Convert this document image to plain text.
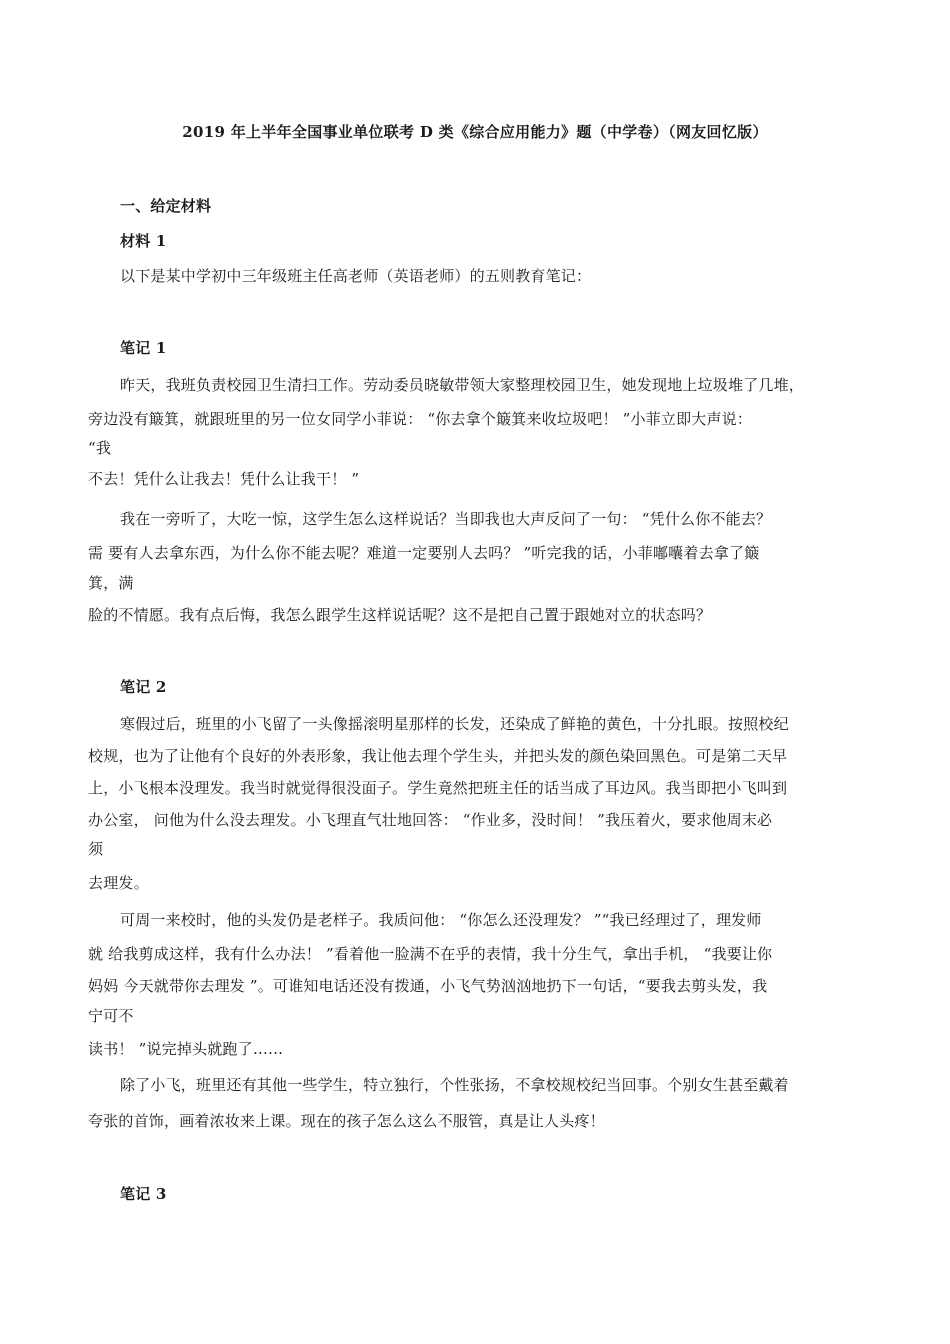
2019 年上半年全国事业单位联考 D 类《综合应用能力》题（中学卷）（网友回忆版）
一、给定材料
材料 1
以下是某中学初中三年级班主任高老师（英语老师）的五则教育笔记：
笔记 1
昨天，我班负责校园卫生清扫工作。劳动委员晓敏带领大家整理校园卫生，她发现地上垃圾堆了几堆，
旁边没有簸箕，就跟班里的另一位女同学小菲说： “你去拿个簸箕来收垃圾吧！ ”小菲立即大声说：
“我
不去！凭什么让我去！凭什么让我干！ ”
我在一旁听了，大吃一惊，这学生怎么这样说话？当即我也大声反问了一句： “凭什么你不能去？
需 要有人去拿东西，为什么你不能去呢？难道一定要别人去吗？ ”听完我的话，小菲嘟囔着去拿了簸
箕，满
脸的不情愿。我有点后悔，我怎么跟学生这样说话呢？这不是把自己置于跟她对立的状态吗？
笔记 2
寒假过后，班里的小飞留了一头像摇滚明星那样的长发，还染成了鲜艳的黄色，十分扎眼。按照校纪
校规，也为了让他有个良好的外表形象，我让他去理个学生头，并把头发的颜色染回黑色。可是第二天早
上，小飞根本没理发。我当时就觉得很没面子。学生竟然把班主任的话当成了耳边风。我当即把小飞叫到
办公室， 问他为什么没去理发。小飞理直气壮地回答： “作业多，没时间！ ”我压着火，要求他周末必
须
去理发。
可周一来校时，他的头发仍是老样子。我质问他： “你怎么还没理发？ ”“我已经理过了，理发师
就 给我剪成这样，我有什么办法！ ”看着他一脸满不在乎的表情，我十分生气，拿出手机， “我要让你
妈妈 今天就带你去理发 ”。可谁知电话还没有拨通，小飞气势汹汹地扔下一句话，“要我去剪头发，我
宁可不
读书！ ”说完掉头就跑了……
除了小飞，班里还有其他一些学生，特立独行，个性张扬，不拿校规校纪当回事。个别女生甚至戴着
夸张的首饰，画着浓妆来上课。现在的孩子怎么这么不服管，真是让人头疼！
笔记 3
